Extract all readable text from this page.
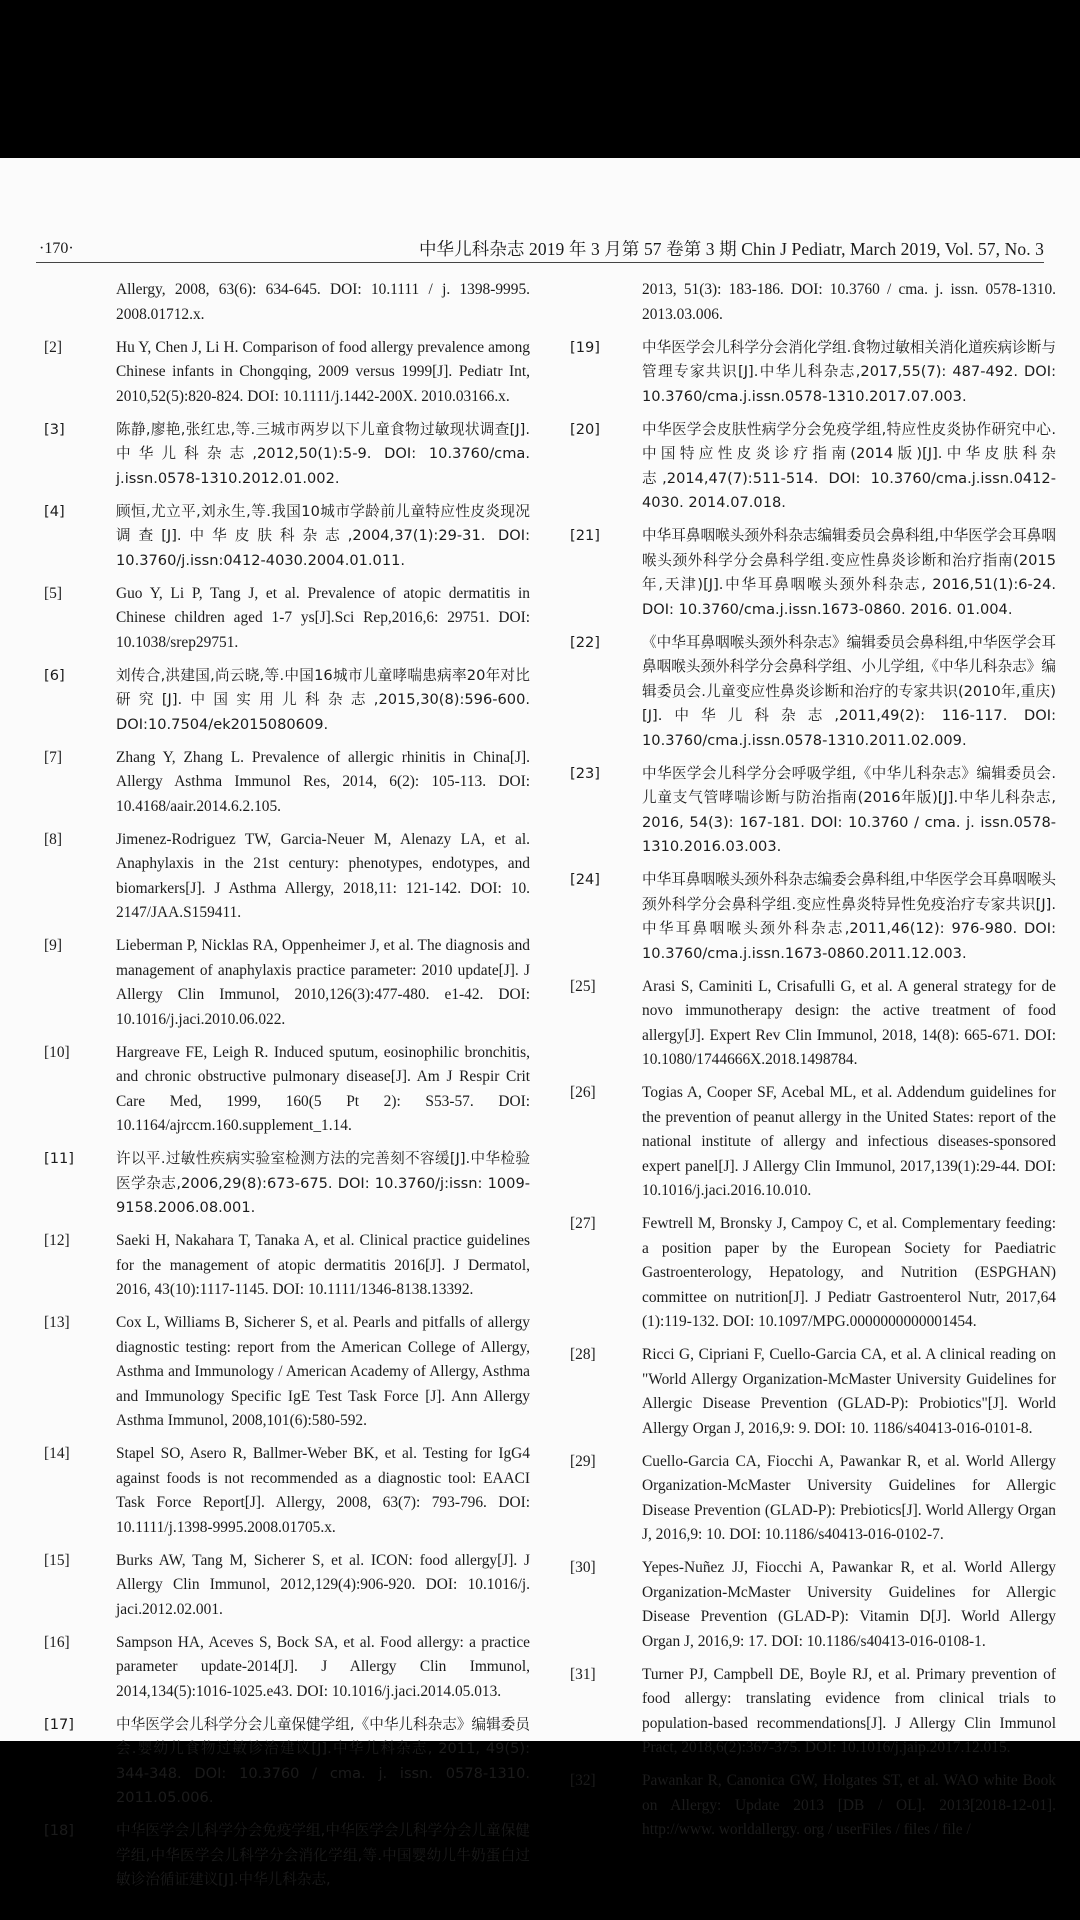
·170·	中华儿科杂志 2019 年 3 月第 57 卷第 3 期 Chin J Pediatr, March 2019, Vol. 57, No. 3
Allergy, 2008, 63(6): 634-645. DOI: 10.1111 / j. 1398-9995. 2008.01712.x.
[2]	Hu Y, Chen J, Li H. Comparison of food allergy prevalence among Chinese infants in Chongqing, 2009 versus 1999[J]. Pediatr Int, 2010,52(5):820-824. DOI: 10.1111/j.1442-200X. 2010.03166.x.
[3]	陈静,廖艳,张红忠,等.三城市两岁以下儿童食物过敏现状调查[J].中华儿科杂志,2012,50(1):5-9. DOI: 10.3760/cma. j.issn.0578-1310.2012.01.002.
[4]	顾恒,尤立平,刘永生,等.我国10城市学龄前儿童特应性皮炎现况调查[J].中华皮肤科杂志,2004,37(1):29-31. DOI: 10.3760/j.issn:0412-4030.2004.01.011.
[5]	Guo Y, Li P, Tang J, et al. Prevalence of atopic dermatitis in Chinese children aged 1-7 ys[J].Sci Rep,2016,6: 29751. DOI: 10.1038/srep29751.
[6]	刘传合,洪建国,尚云晓,等.中国16城市儿童哮喘患病率20年对比研究[J].中国实用儿科杂志,2015,30(8):596-600. DOI:10.7504/ek2015080609.
[7]	Zhang Y, Zhang L. Prevalence of allergic rhinitis in China[J]. Allergy Asthma Immunol Res, 2014, 6(2): 105-113. DOI: 10.4168/aair.2014.6.2.105.
[8]	Jimenez-Rodriguez TW, Garcia-Neuer M, Alenazy LA, et al. Anaphylaxis in the 21st century: phenotypes, endotypes, and biomarkers[J]. J Asthma Allergy, 2018,11: 121-142. DOI: 10. 2147/JAA.S159411.
[9]	Lieberman P, Nicklas RA, Oppenheimer J, et al. The diagnosis and management of anaphylaxis practice parameter: 2010 update[J]. J Allergy Clin Immunol, 2010,126(3):477-480. e1-42. DOI: 10.1016/j.jaci.2010.06.022.
[10]	Hargreave FE, Leigh R. Induced sputum, eosinophilic bronchitis, and chronic obstructive pulmonary disease[J]. Am J Respir Crit Care Med, 1999, 160(5 Pt 2): S53-57. DOI: 10.1164/ajrccm.160.supplement_1.14.
[11]	许以平.过敏性疾病实验室检测方法的完善刻不容缓[J].中华检验医学杂志,2006,29(8):673-675. DOI: 10.3760/j:issn: 1009-9158.2006.08.001.
[12]	Saeki H, Nakahara T, Tanaka A, et al. Clinical practice guidelines for the management of atopic dermatitis 2016[J]. J Dermatol, 2016, 43(10):1117-1145. DOI: 10.1111/1346-8138.13392.
[13]	Cox L, Williams B, Sicherer S, et al. Pearls and pitfalls of allergy diagnostic testing: report from the American College of Allergy, Asthma and Immunology / American Academy of Allergy, Asthma and Immunology Specific IgE Test Task Force [J]. Ann Allergy Asthma Immunol, 2008,101(6):580-592.
[14]	Stapel SO, Asero R, Ballmer-Weber BK, et al. Testing for IgG4 against foods is not recommended as a diagnostic tool: EAACI Task Force Report[J]. Allergy, 2008, 63(7): 793-796. DOI: 10.1111/j.1398-9995.2008.01705.x.
[15]	Burks AW, Tang M, Sicherer S, et al. ICON: food allergy[J]. J Allergy Clin Immunol, 2012,129(4):906-920. DOI: 10.1016/j. jaci.2012.02.001.
[16]	Sampson HA, Aceves S, Bock SA, et al. Food allergy: a practice parameter update-2014[J]. J Allergy Clin Immunol, 2014,134(5):1016-1025.e43. DOI: 10.1016/j.jaci.2014.05.013.
[17]	中华医学会儿科学分会儿童保健学组,《中华儿科杂志》编辑委员会.婴幼儿食物过敏诊治建议[J].中华儿科杂志, 2011, 49(5): 344-348. DOI: 10.3760 / cma. j. issn. 0578-1310. 2011.05.006.
[18]	中华医学会儿科学分会免疫学组,中华医学会儿科学分会儿童保健学组,中华医学会儿科学分会消化学组,等.中国婴幼儿牛奶蛋白过敏诊治循证建议[J].中华儿科杂志,
2013, 51(3): 183-186. DOI: 10.3760 / cma. j. issn. 0578-1310. 2013.03.006.
[19]	中华医学会儿科学分会消化学组.食物过敏相关消化道疾病诊断与管理专家共识[J].中华儿科杂志,2017,55(7): 487-492. DOI: 10.3760/cma.j.issn.0578-1310.2017.07.003.
[20]	中华医学会皮肤性病学分会免疫学组,特应性皮炎协作研究中心.中国特应性皮炎诊疗指南(2014版)[J].中华皮肤科杂志,2014,47(7):511-514. DOI: 10.3760/cma.j.issn.0412-4030. 2014.07.018.
[21]	中华耳鼻咽喉头颈外科杂志编辑委员会鼻科组,中华医学会耳鼻咽喉头颈外科学分会鼻科学组.变应性鼻炎诊断和治疗指南(2015年,天津)[J].中华耳鼻咽喉头颈外科杂志, 2016,51(1):6-24. DOI: 10.3760/cma.j.issn.1673-0860. 2016. 01.004.
[22]	《中华耳鼻咽喉头颈外科杂志》编辑委员会鼻科组,中华医学会耳鼻咽喉头颈外科学分会鼻科学组、小儿学组,《中华儿科杂志》编辑委员会.儿童变应性鼻炎诊断和治疗的专家共识(2010年,重庆)[J].中华儿科杂志,2011,49(2): 116-117. DOI: 10.3760/cma.j.issn.0578-1310.2011.02.009.
[23]	中华医学会儿科学分会呼吸学组,《中华儿科杂志》编辑委员会.儿童支气管哮喘诊断与防治指南(2016年版)[J].中华儿科杂志, 2016, 54(3): 167-181. DOI: 10.3760 / cma. j. issn.0578-1310.2016.03.003.
[24]	中华耳鼻咽喉头颈外科杂志编委会鼻科组,中华医学会耳鼻咽喉头颈外科学分会鼻科学组.变应性鼻炎特异性免疫治疗专家共识[J].中华耳鼻咽喉头颈外科杂志,2011,46(12): 976-980. DOI: 10.3760/cma.j.issn.1673-0860.2011.12.003.
[25]	Arasi S, Caminiti L, Crisafulli G, et al. A general strategy for de novo immunotherapy design: the active treatment of food allergy[J]. Expert Rev Clin Immunol, 2018, 14(8): 665-671. DOI: 10.1080/1744666X.2018.1498784.
[26]	Togias A, Cooper SF, Acebal ML, et al. Addendum guidelines for the prevention of peanut allergy in the United States: report of the national institute of allergy and infectious diseases-sponsored expert panel[J]. J Allergy Clin Immunol, 2017,139(1):29-44. DOI: 10.1016/j.jaci.2016.10.010.
[27]	Fewtrell M, Bronsky J, Campoy C, et al. Complementary feeding: a position paper by the European Society for Paediatric Gastroenterology, Hepatology, and Nutrition (ESPGHAN) committee on nutrition[J]. J Pediatr Gastroenterol Nutr, 2017,64 (1):119-132. DOI: 10.1097/MPG.0000000000001454.
[28]	Ricci G, Cipriani F, Cuello-Garcia CA, et al. A clinical reading on "World Allergy Organization-McMaster University Guidelines for Allergic Disease Prevention (GLAD-P): Probiotics"[J]. World Allergy Organ J, 2016,9: 9. DOI: 10. 1186/s40413-016-0101-8.
[29]	Cuello-Garcia CA, Fiocchi A, Pawankar R, et al. World Allergy Organization-McMaster University Guidelines for Allergic Disease Prevention (GLAD-P): Prebiotics[J]. World Allergy Organ J, 2016,9: 10. DOI: 10.1186/s40413-016-0102-7.
[30]	Yepes-Nuñez JJ, Fiocchi A, Pawankar R, et al. World Allergy Organization-McMaster University Guidelines for Allergic Disease Prevention (GLAD-P): Vitamin D[J]. World Allergy Organ J, 2016,9: 17. DOI: 10.1186/s40413-016-0108-1.
[31]	Turner PJ, Campbell DE, Boyle RJ, et al. Primary prevention of food allergy: translating evidence from clinical trials to population-based recommendations[J]. J Allergy Clin Immunol Pract, 2018,6(2):367-375. DOI: 10.1016/j.jaip.2017.12.015.
[32]	Pawankar R, Canonica GW, Holgates ST, et al. WAO white Book on Allergy: Update 2013 [DB / OL]. 2013[2018-12-01]. http://www. worldallergy. org / userFiles / files / file /
